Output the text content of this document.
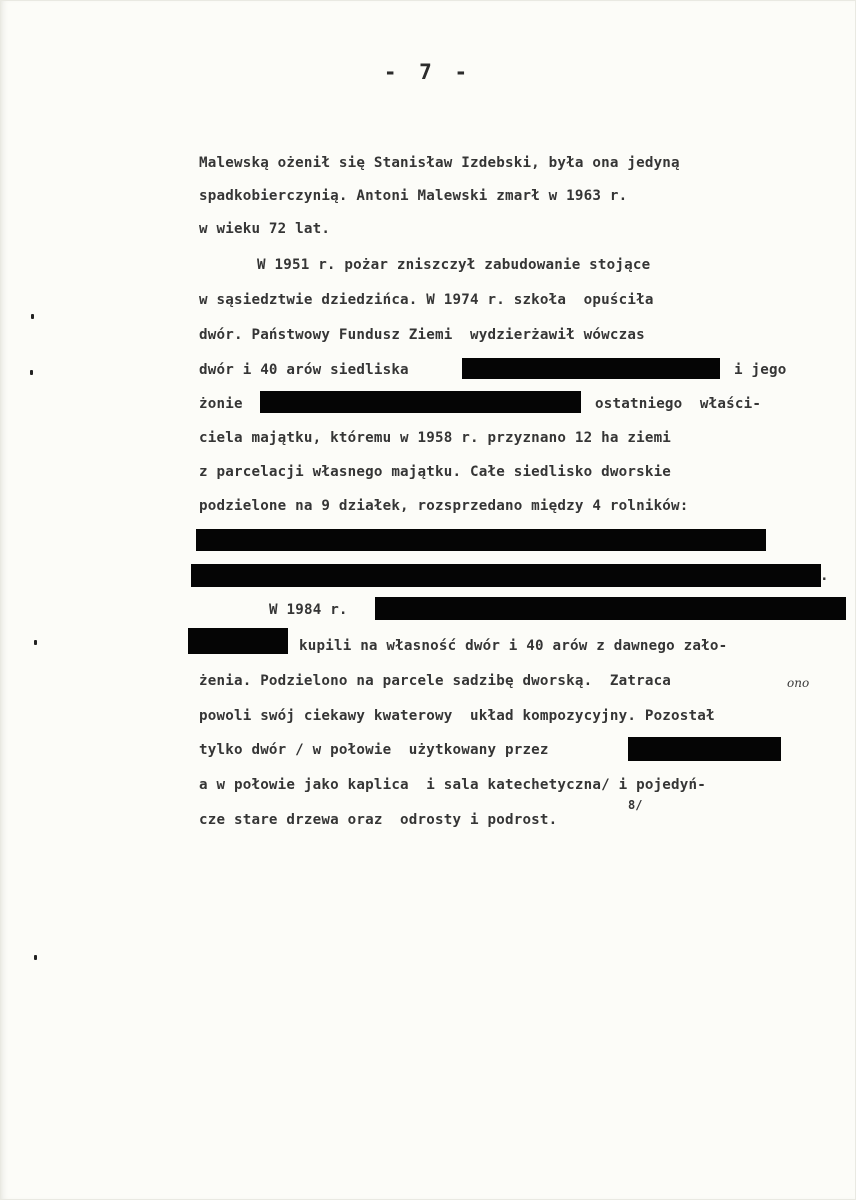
- 7 -
Malewską ożenił się Stanisław Izdebski, była ona jedyną
spadkobierczynią. Antoni Malewski zmarł w 1963 r.
w wieku 72 lat.
W 1951 r. pożar zniszczył zabudowanie stojące
w sąsiedztwie dziedzińca. W 1974 r. szkoła  opuściła
dwór. Państwowy Fundusz Ziemi  wydzierżawił wówczas
dwór i 40 arów siedliska	i jego
żonie	ostatniego  właści-
ciela majątku, któremu w 1958 r. przyznano 12 ha ziemi
z parcelacji własnego majątku. Całe siedlisko dworskie
podzielone na 9 działek, rozsprzedano między 4 rolników:
.
W 1984 r.
kupili na własność dwór i 40 arów z dawnego zało-
żenia. Podzielono na parcele sadzibę dworską.  Zatraca	ono
powoli swój ciekawy kwaterowy  układ kompozycyjny. Pozostał
tylko dwór / w połowie  użytkowany przez
a w połowie jako kaplica  i sala katechetyczna/ i pojedyń-
cze stare drzewa oraz  odrosty i podrost.
8/
